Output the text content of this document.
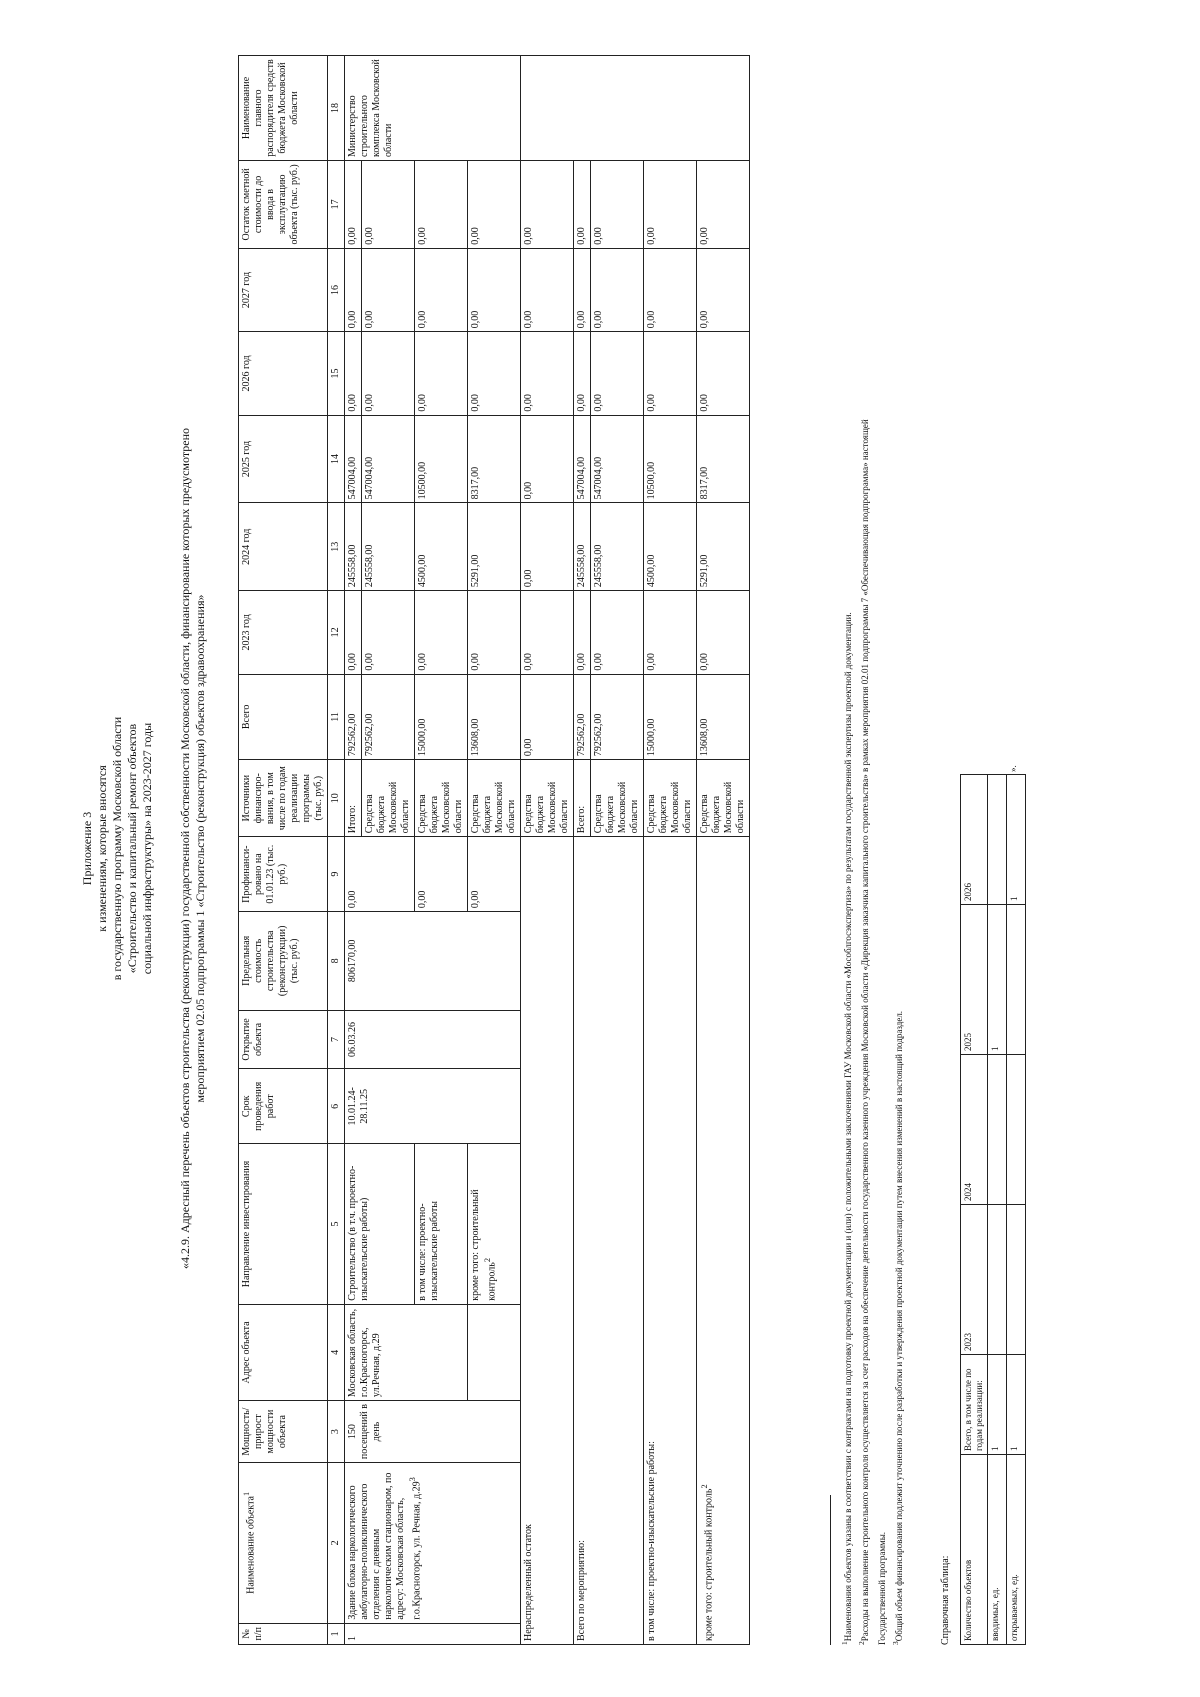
Приложение 3 к изменениям, которые вносятся в государственную программу Московской области «Строительство и капитальный ремонт объектов социальной инфраструктуры» на 2023-2027 годы «4.2.9. Адресный перечень объектов строительства (реконструкции) государственной собственности Московской области, финансирование которых предусмотрено мероприятием 02.05 подпрограммы 1 «Строительство (реконструкция) объектов здравоохранения»
№ п/п	Наименование объекта$^1$	Мощность/ прирост мощности объекта	Адрес объекта	Направление инвестирования	Срок проведения работ	Открытие объекта	Предельная стоимость строительства (реконструкции) (тыс. руб.)	Профинанси-ровано на 01.01.23 (тыс. руб.)	Источники финансиро-вания, в том числе по годам реализации программы (тыс. руб.)	Всего	2023 год	2024 год	2025 год	2026 год	2027 год	Остаток сметной стоимости до ввода в эксплуатацию объекта (тыс. руб.)	Наименование главного распорядителя средств бюджета Московской области
1	2	3	4	5	6	7	8	9	10	11	12	13	14	15	16	17	18
1	Здание блока наркологического амбулаторно-поликлинического отделения с дневным наркологическим стационаром, по адресу: Московская область, г.о.Красногорск, ул. Речная, $д.29^3$	150 посещений в день	Московская область, г.о.Красногорск, ул.Речная, д.29	Строительство (в т.ч. проектно-изыскательские работы)	10.01.24-28.11.25	06.03.26	806170,00	0,00	Итого:	792562,00	0,00	245558,00	547004,00	0,00	0,00	0,00	Министерство строительного комплекса Московской области
									Средства бюджета Московской области	792562,00	0,00	245558,00	547004,00	0,00	0,00	0,00	
				в том числе: проектно-изыскательские работы				0,00	Средства бюджета Московской области	15000,00	0,00	4500,00	10500,00	0,00	0,00	0,00	
				кроме того: строительный контроль$^2$				0,00	Средства бюджета Московской области	13608,00	0,00	5291,00	8317,00	0,00	0,00	0,00	
Нераспределенный остаток									Средства бюджета Московской области	0,00	0,00	0,00	0,00	0,00	0,00	0,00	
Всего по мероприятию:									Всего:	792562,00	0,00	245558,00	547004,00	0,00	0,00	0,00	
									Средства бюджета Московской области	792562,00	0,00	245558,00	547004,00	0,00	0,00	0,00	
в том числе: проектно-изыскательские работы:									Средства бюджета Московской области	15000,00	0,00	4500,00	10500,00	0,00	0,00	0,00	
кроме того: строительный контроль$^2$									Средства бюджета Московской области	13608,00	0,00	5291,00	8317,00	0,00	0,00	0,00	
$^1$Наименования объектов указаны в соответствии с контрактами на подготовку проектной документации и (или) с положительными заключениями ГАУ Московской области «Мособлгосэкспертиза» по результатам государственной экспертизы проектной документации.
$^2$Расходы на выполнение строительного контроля осуществляется за счет расходов на обеспечение деятельности государственного казенного учреждения Московской области «Дирекция заказчика капитального строительства» в рамках мероприятия 02.01 подпрограммы 7 «Обеспечивающая подпрограмма» настоящей Государственной программы. $^3$Общий объем финансирования подлежит уточнению после разработки и утверждения проектной документации путем внесения изменений в настоящий подраздел.	Справочная таблица: Количество объектов	Всего, в том числе по годам реализации:	2023	2024	2025	2026
вводимых, ед.	1			1	
открываемых, ед.	1				1
».
